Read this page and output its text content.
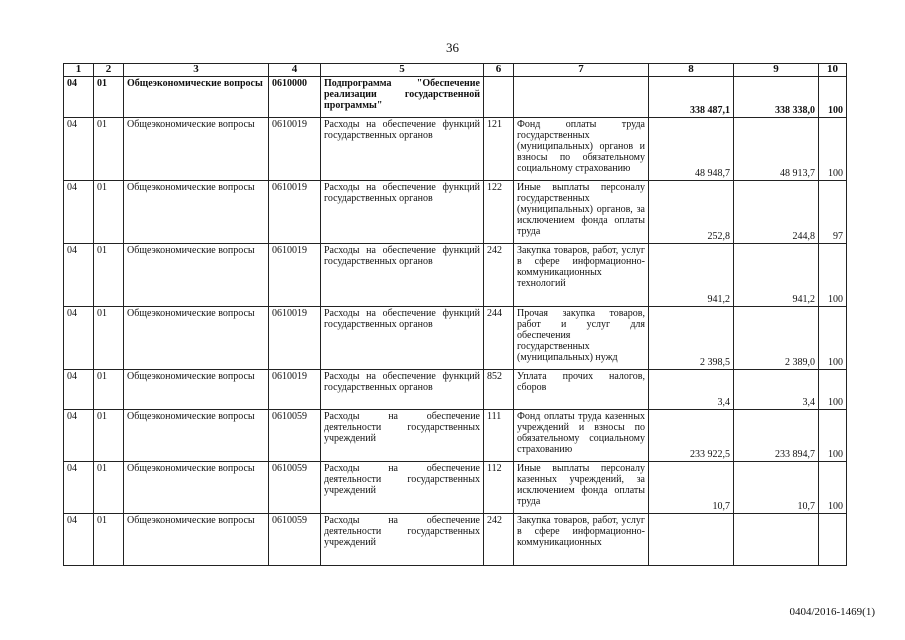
36
1	2	3	4	5	6	7	8	9	10
04	01	Общеэкономические вопросы	0610000	Подпрограмма "Обеспечение реализации государственной программы"			338 487,1	338 338,0	100
04	01	Общеэкономические вопросы	0610019	Расходы на обеспечение функций государственных органов	121	Фонд оплаты труда государственных (муниципальных) органов и взносы по обязательному социальному страхованию	48 948,7	48 913,7	100
04	01	Общеэкономические вопросы	0610019	Расходы на обеспечение функций государственных органов	122	Иные выплаты персоналу государственных (муниципальных) органов, за исключением фонда оплаты труда	252,8	244,8	97
04	01	Общеэкономические вопросы	0610019	Расходы на обеспечение функций государственных органов	242	Закупка товаров, работ, услуг в сфере информационно-коммуникационных технологий	941,2	941,2	100
04	01	Общеэкономические вопросы	0610019	Расходы на обеспечение функций государственных органов	244	Прочая закупка товаров, работ и услуг для обеспечения государственных (муниципальных) нужд	2 398,5	2 389,0	100
04	01	Общеэкономические вопросы	0610019	Расходы на обеспечение функций государственных органов	852	Уплата прочих налогов, сборов	3,4	3,4	100
04	01	Общеэкономические вопросы	0610059	Расходы на обеспечение деятельности государственных учреждений	111	Фонд оплаты труда казенных учреждений и взносы по обязательному социальному страхованию	233 922,5	233 894,7	100
04	01	Общеэкономические вопросы	0610059	Расходы на обеспечение деятельности государственных учреждений	112	Иные выплаты персоналу казенных учреждений, за исключением фонда оплаты труда	10,7	10,7	100
04	01	Общеэкономические вопросы	0610059	Расходы на обеспечение деятельности государственных учреждений	242	Закупка товаров, работ, услуг в сфере информационно-коммуникационных			
0404/2016-1469(1)
